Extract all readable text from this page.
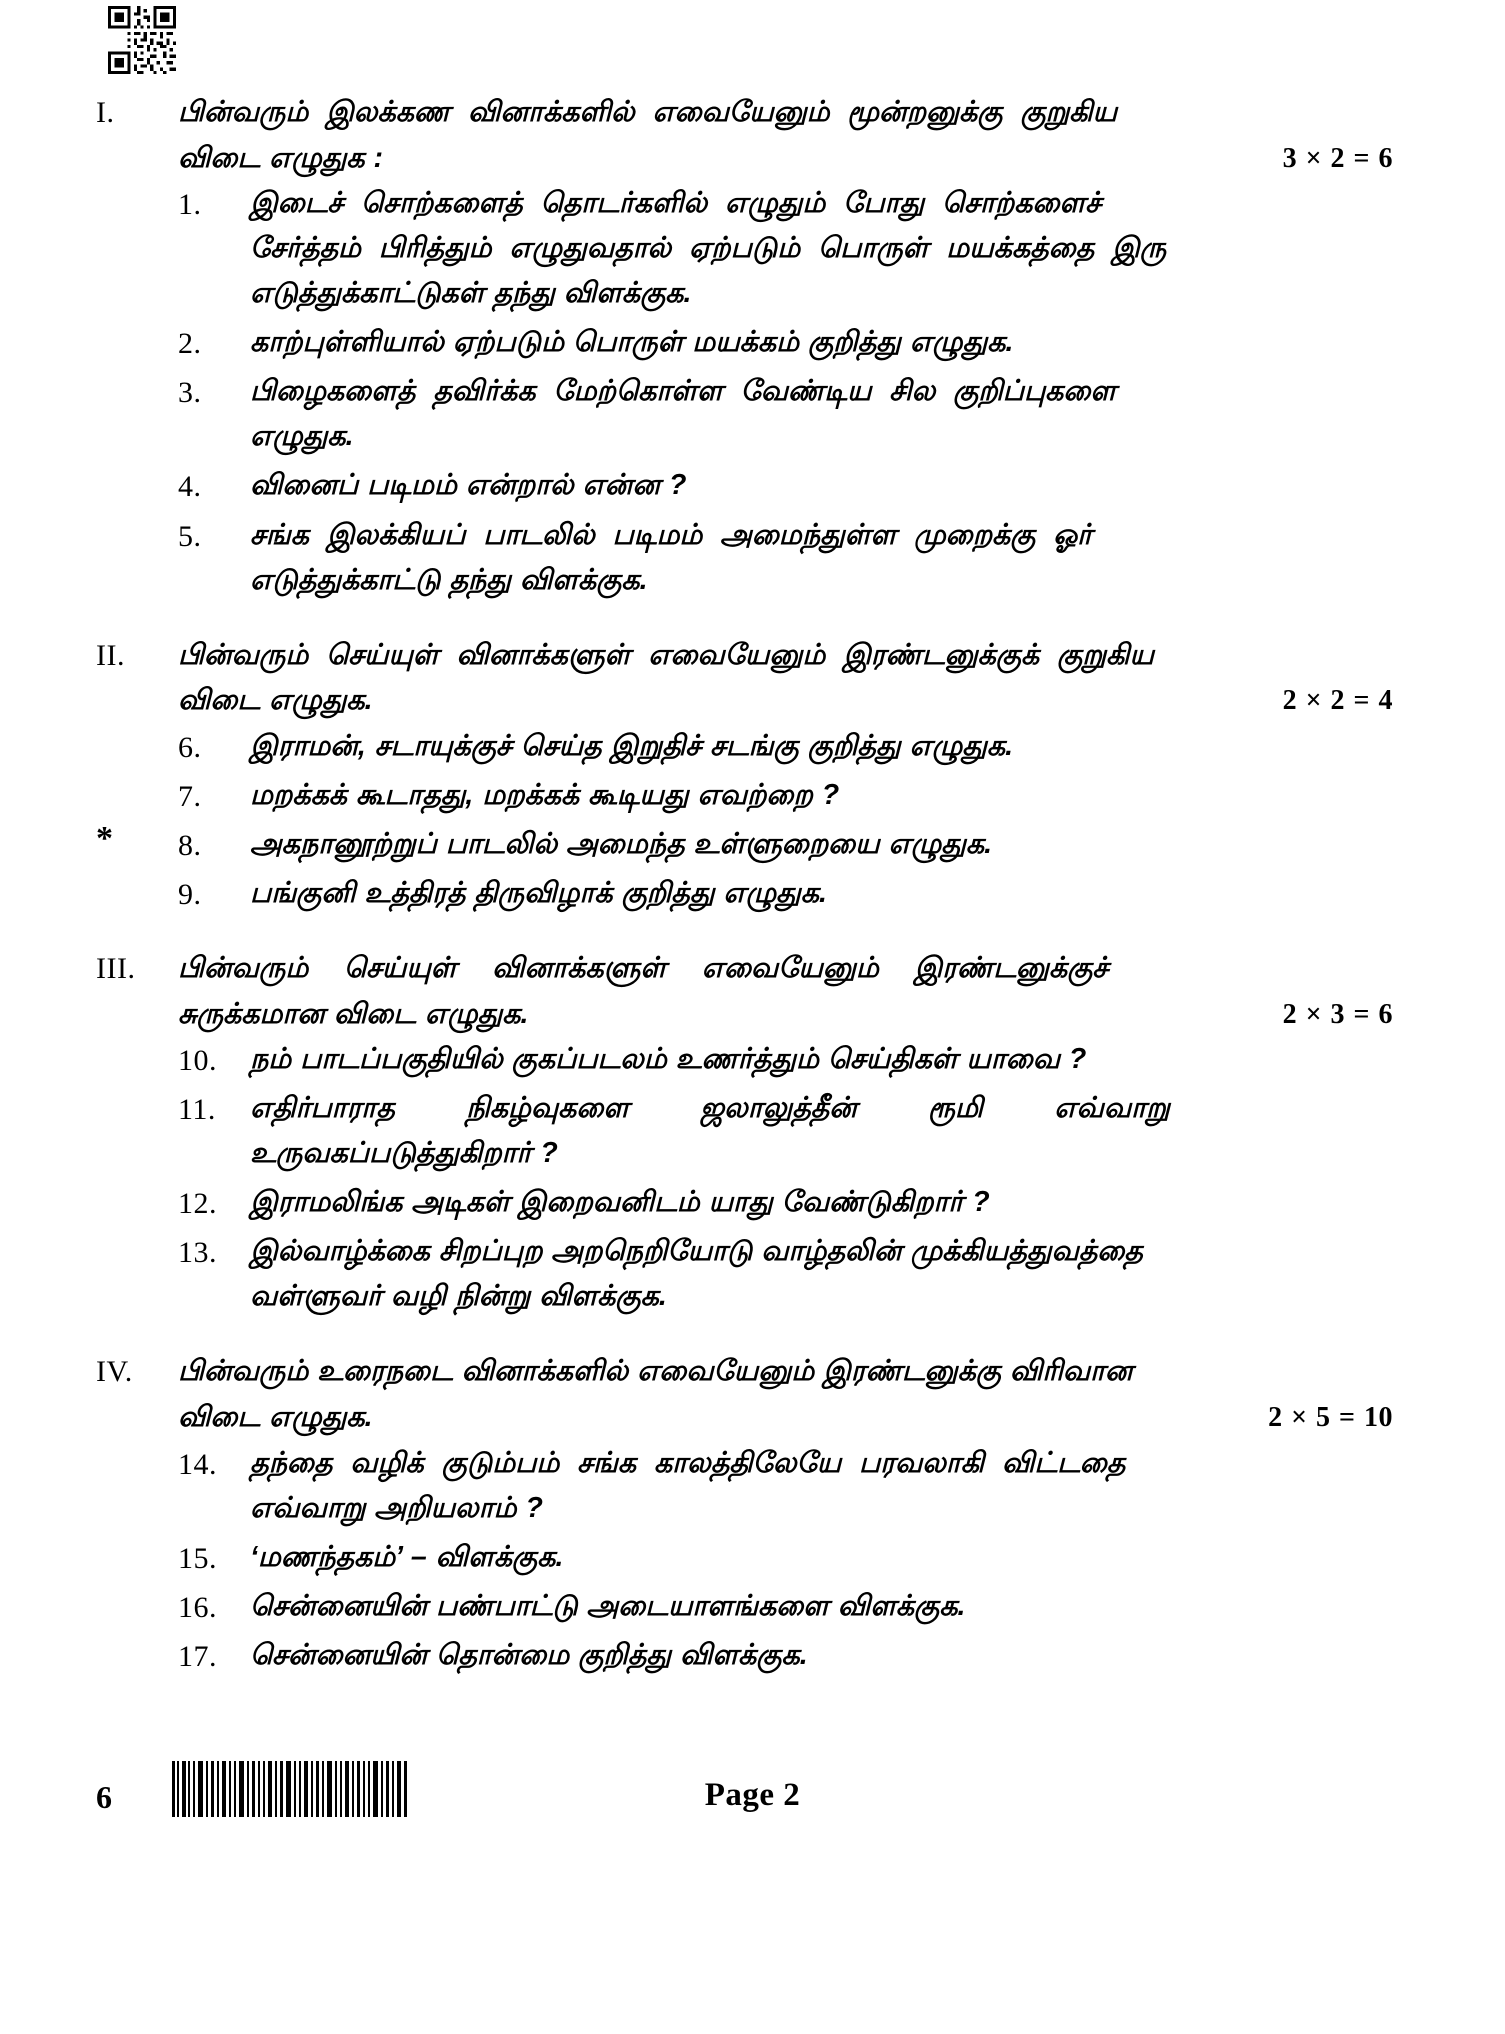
I.	பின்வரும்  இலக்கண  வினாக்களில்  எவையேனும்  மூன்றனுக்கு  குறுகிய
விடை எழுதுக :	3 × 2 = 6
1.	இடைச்  சொற்களைத்  தொடர்களில்  எழுதும்  போது  சொற்களைச்
சேர்த்தம்  பிரித்தும்  எழுதுவதால்  ஏற்படும்  பொருள்  மயக்கத்தை  இரு
எடுத்துக்காட்டுகள் தந்து விளக்குக.
2.	காற்புள்ளியால் ஏற்படும் பொருள் மயக்கம் குறித்து எழுதுக.
3.	பிழைகளைத்  தவிர்க்க  மேற்கொள்ள  வேண்டிய  சில  குறிப்புகளை
எழுதுக.
4.	வினைப் படிமம் என்றால் என்ன ?
5.	சங்க  இலக்கியப்  பாடலில்  படிமம்  அமைந்துள்ள  முறைக்கு  ஓர்
எடுத்துக்காட்டு தந்து விளக்குக.
II.	பின்வரும்  செய்யுள்  வினாக்களுள்  எவையேனும்  இரண்டனுக்குக்  குறுகிய
விடை எழுதுக.	2 × 2 = 4
6.	இராமன், சடாயுக்குச் செய்த இறுதிச் சடங்கு குறித்து எழுதுக.
7.	மறக்கக் கூடாதது, மறக்கக் கூடியது எவற்றை ?
* 8.	அகநானூற்றுப் பாடலில் அமைந்த உள்ளுறையை எழுதுக.
9.	பங்குனி உத்திரத் திருவிழாக் குறித்து எழுதுக.
III.	பின்வரும்    செய்யுள்    வினாக்களுள்    எவையேனும்    இரண்டனுக்குச்
சுருக்கமான விடை எழுதுக.	2 × 3 = 6
10.	நம் பாடப்பகுதியில் குகப்படலம் உணர்த்தும் செய்திகள் யாவை ?
11.	எதிர்பாராத        நிகழ்வுகளை        ஜலாலுத்தீன்        ரூமி        எவ்வாறு
உருவகப்படுத்துகிறார் ?
12.	இராமலிங்க அடிகள் இறைவனிடம் யாது வேண்டுகிறார் ?
13.	இல்வாழ்க்கை சிறப்புற அறநெறியோடு வாழ்தலின் முக்கியத்துவத்தை
வள்ளுவர் வழி நின்று விளக்குக.
IV.	பின்வரும் உரைநடை வினாக்களில் எவையேனும் இரண்டனுக்கு விரிவான
விடை எழுதுக.	2 × 5 = 10
14.	தந்தை  வழிக்  குடும்பம்  சங்க  காலத்திலேயே  பரவலாகி  விட்டதை
எவ்வாறு அறியலாம் ?
15.	‘மணந்தகம்’ – விளக்குக.
16.	சென்னையின் பண்பாட்டு அடையாளங்களை விளக்குக.
17.	சென்னையின் தொன்மை குறித்து விளக்குக.
6	Page 2
